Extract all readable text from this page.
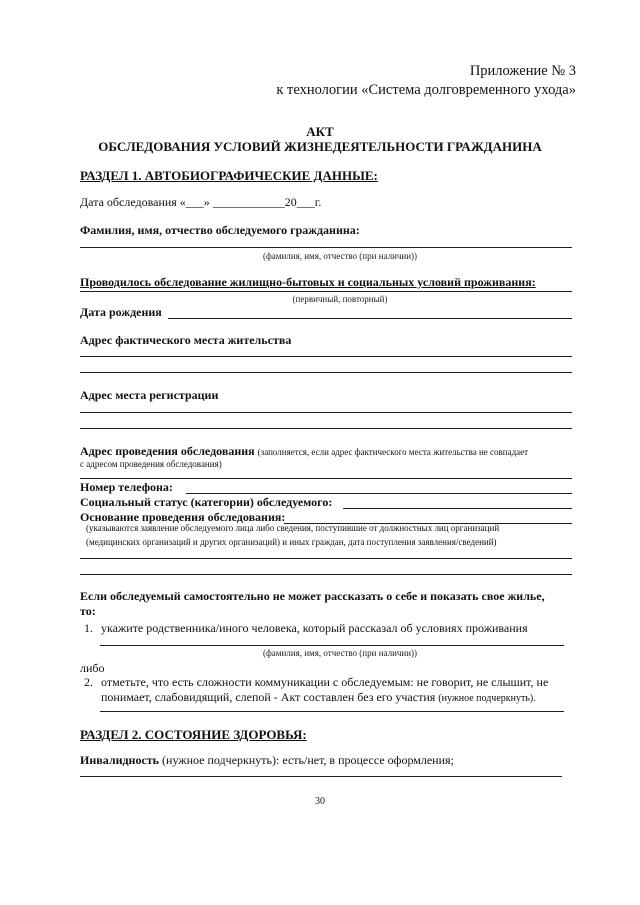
Приложение № 3
к технологии «Система долговременного ухода»
АКТ
ОБСЛЕДОВАНИЯ УСЛОВИЙ ЖИЗНЕДЕЯТЕЛЬНОСТИ ГРАЖДАНИНА
РАЗДЕЛ 1. АВТОБИОГРАФИЧЕСКИЕ ДАННЫЕ:
Дата обследования «___» ____________20___г.
Фамилия, имя, отчество обследуемого гражданина:
(фамилия, имя, отчество (при наличии))
Проводилось обследование жилищно-бытовых и социальных условий проживания:
(первичный, повторный)
Дата рождения
Адрес фактического места жительства
Адрес места регистрации
Адрес проведения обследования (заполняется, если адрес фактического места жительства не совпадает
с адресом проведения обследования)
Номер телефона:
Социальный статус (категории) обследуемого:
Основание проведения обследования:
(указываются заявление обследуемого лица либо сведения, поступившие от должностных лиц организаций
(медицинских организаций и других организаций) и иных граждан, дата поступления заявления/сведений)
Если обследуемый самостоятельно не может рассказать о себе и показать свое жилье,
то:
1. укажите родственника/иного человека, который рассказал об условиях проживания
(фамилия, имя, отчество (при наличии))
либо
2. отметьте, что есть сложности коммуникации с обследуемым: не говорит, не слышит, не
понимает, слабовидящий, слепой - Акт составлен без его участия (нужное подчеркнуть).
РАЗДЕЛ 2. СОСТОЯНИЕ ЗДОРОВЬЯ:
Инвалидность (нужное подчеркнуть): есть/нет, в процессе оформления;
30
